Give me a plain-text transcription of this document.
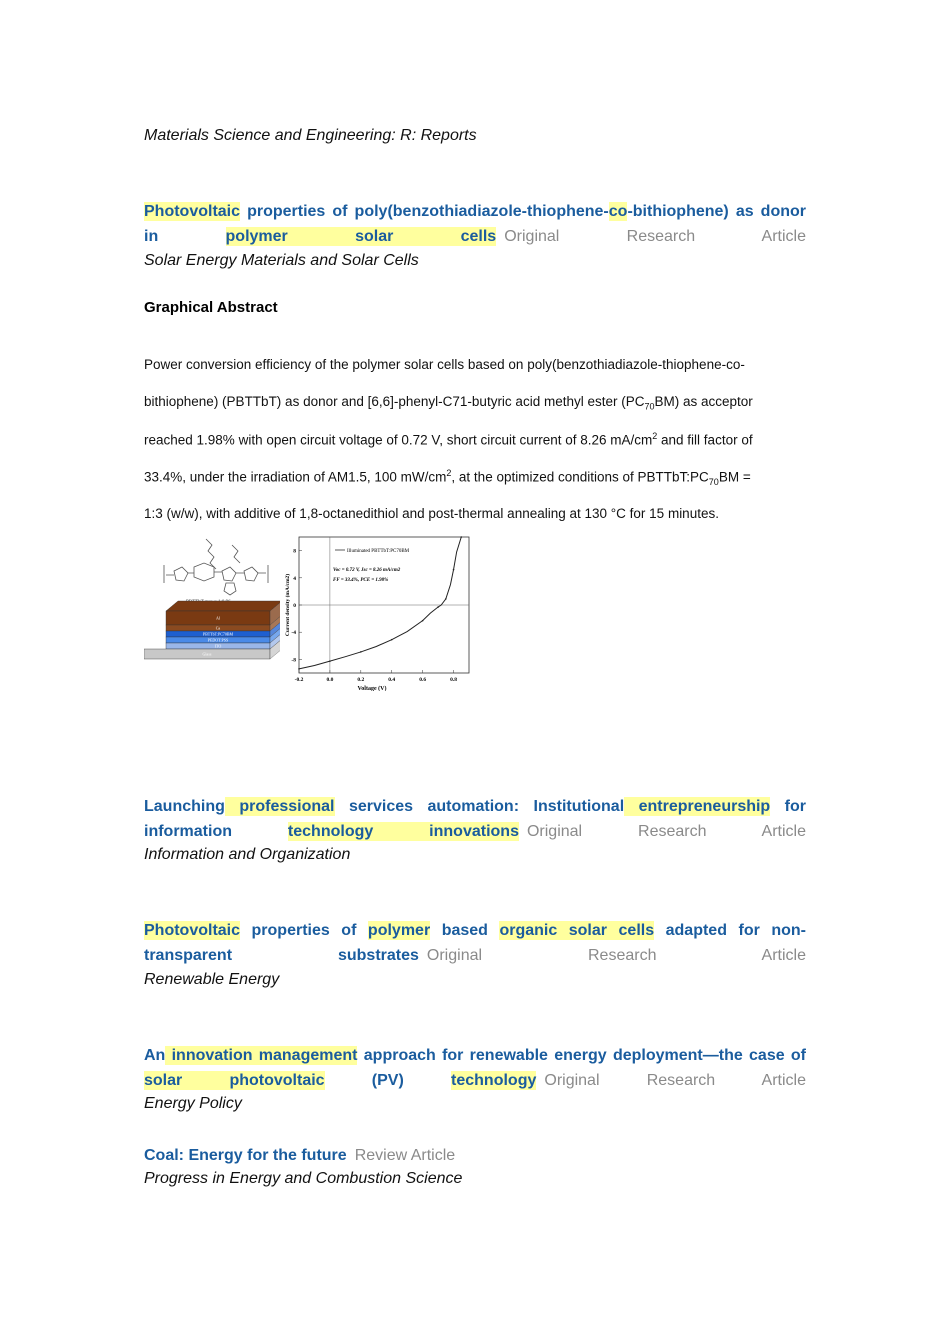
Materials Science and Engineering: R: Reports
Photovoltaic properties of poly(benzothiadiazole-thiophene-co-bithiophene) as donor in polymer solar cells Original Research Article
Solar Energy Materials and Solar Cells
Graphical Abstract
Power conversion efficiency of the polymer solar cells based on poly(benzothiadiazole-thiophene-co-
bithiophene) (PBTTbT) as donor and [6,6]-phenyl-C71-butyric acid methyl ester $(PC_{70}BM)$ as acceptor
reached 1.98% with open circuit voltage of 0.72 V, short circuit current of 8.26 $mA/cm^2$ and fill factor of
33.4%, under the irradiation of AM1.5, 100 $mW/cm^2$, at the optimized conditions of $PBTTbT:PC_{70}BM$ =
1:3 (w/w), with additive of 1,8-octanedithiol and post-thermal annealing at 130 °C for 15 minutes.
Al
Ca
PBTTbT:PC70BM
PEDOT:PSS
ITO
Glass
-0.2	0.0	0.2	0.4	0.6	0.8
8
4
0
-4
-8
Voltage (V)
Current density (mA/cm2)
Illuminated PBTTbT:PC70BM
Voc = 0.72 V, Jsc = 8.26 mA/cm2
FF = 33.4%, PCE = 1.98%
Launching professional services automation: Institutional entrepreneurship for information technology innovations Original Research Article
Information and Organization
Photovoltaic properties of polymer based organic solar cells adapted for non-transparent substrates Original Research Article
Renewable Energy
An innovation management approach for renewable energy deployment—the case of solar photovoltaic (PV) technology Original Research Article
Energy Policy
Coal: Energy for the future Review Article
Progress in Energy and Combustion Science
